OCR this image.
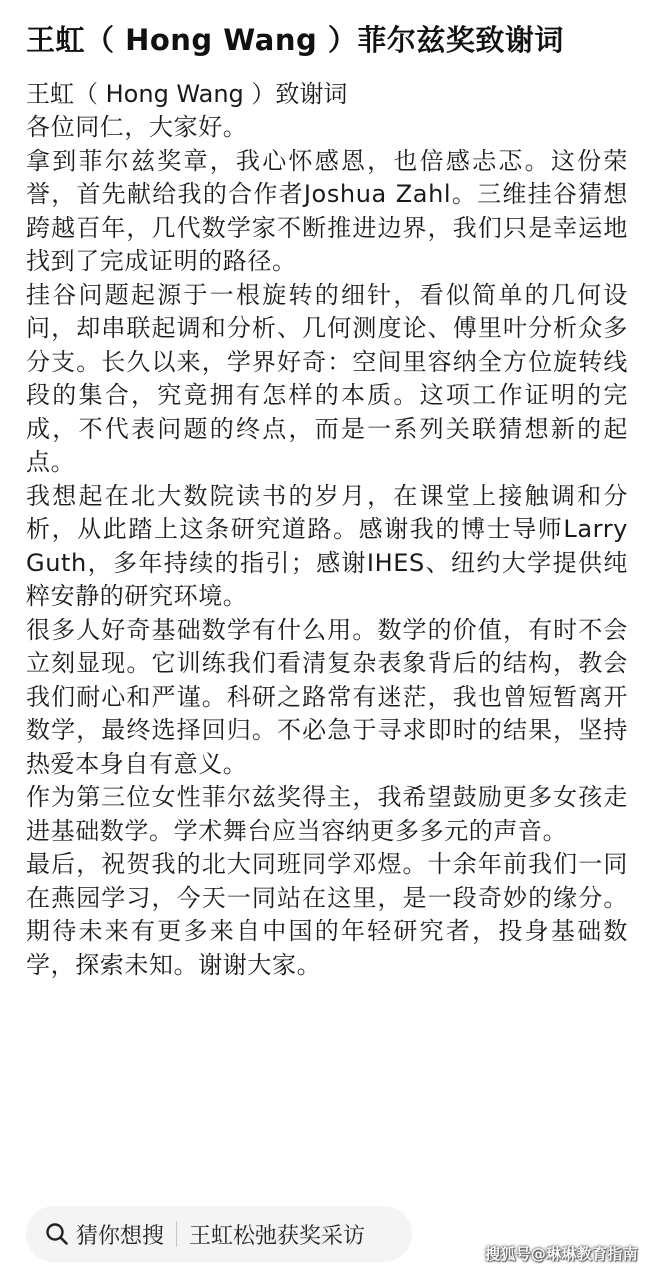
王虹（ Hong Wang ）菲尔兹奖致谢词
王虹（ Hong Wang ）致谢词

各位同仁，大家好。

拿到菲尔兹奖章，我心怀感恩，也倍感忐忑。这份荣誉，首先献给我的合作者Joshua Zahl。三维挂谷猜想跨越百年，几代数学家不断推进边界，我们只是幸运地找到了完成证明的路径。

挂谷问题起源于一根旋转的细针，看似简单的几何设问，却串联起调和分析、几何测度论、傅里叶分析众多分支。长久以来，学界好奇：空间里容纳全方位旋转线段的集合，究竟拥有怎样的本质。这项工作证明的完成，不代表问题的终点，而是一系列关联猜想新的起点。

我想起在北大数院读书的岁月，在课堂上接触调和分析，从此踏上这条研究道路。感谢我的博士导师Larry Guth，多年持续的指引；感谢IHES、纽约大学提供纯粹安静的研究环境。

很多人好奇基础数学有什么用。数学的价值，有时不会立刻显现。它训练我们看清复杂表象背后的结构，教会我们耐心和严谨。科研之路常有迷茫，我也曾短暂离开数学，最终选择回归。不必急于寻求即时的结果，坚持热爱本身自有意义。

作为第三位女性菲尔兹奖得主，我希望鼓励更多女孩走进基础数学。学术舞台应当容纳更多多元的声音。

最后，祝贺我的北大同班同学邓煜。十余年前我们一同在燕园学习，今天一同站在这里，是一段奇妙的缘分。期待未来有更多来自中国的年轻研究者，投身基础数学，探索未知。谢谢大家。

猜你想搜 王虹松弛获奖采访
搜狐号@琳琳教育指南
